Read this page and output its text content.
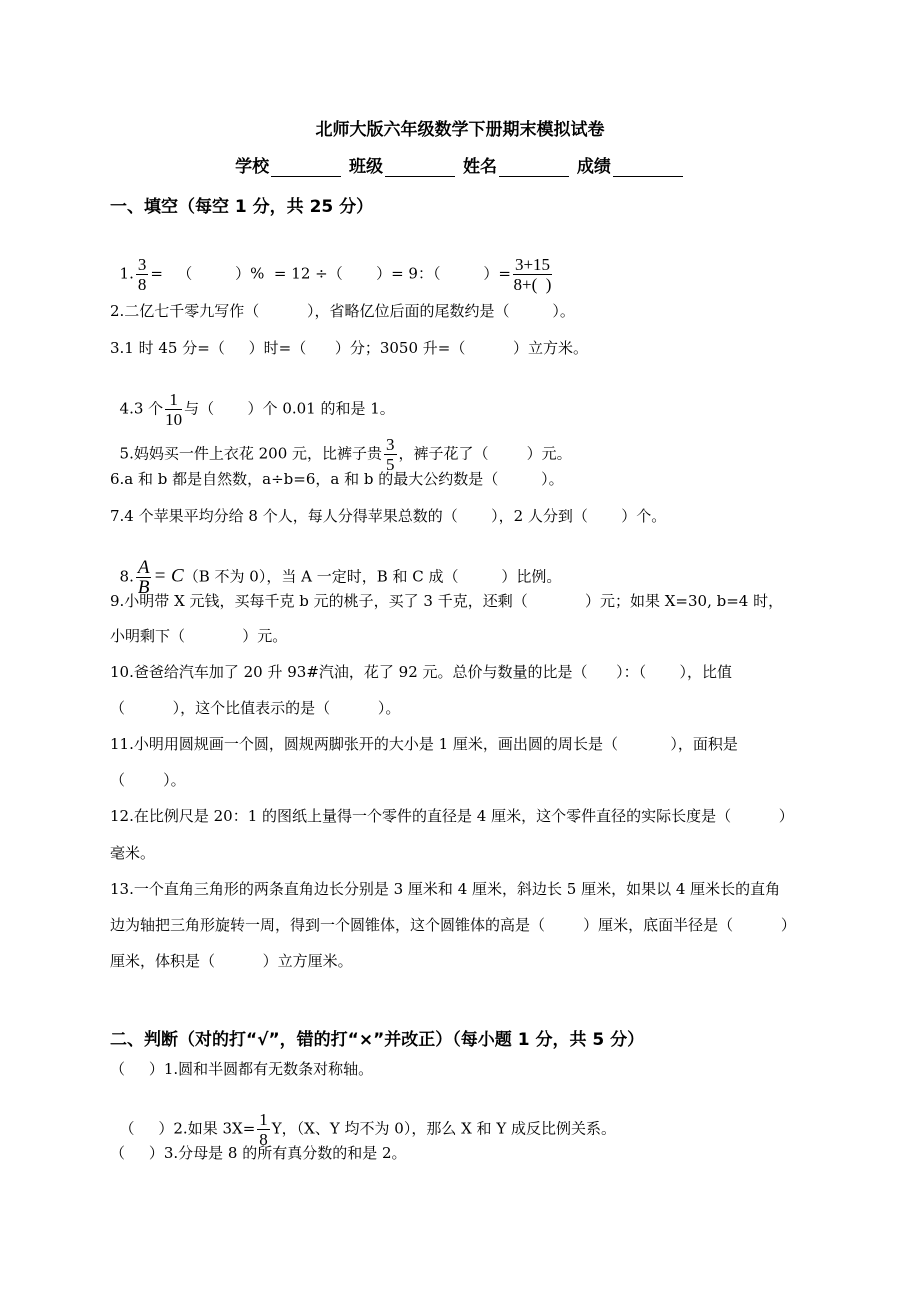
北师大版六年级数学下册期末模拟试卷
学校	班级	姓名	成绩
一、填空（每空 1 分，共 25 分）

1. $\frac{3}{8}$ =   （         ）%  = 12 ÷（       ）= 9：（         ）= $\frac{3+15}{8+( )}$

2.二亿七千零九写作（          ），省略亿位后面的尾数约是（         ）。
3.1 时 45 分=（     ）时=（      ）分；3050 升=（          ）立方米。

4.3 个 $\frac{1}{10}$ 与（       ）个 0.01 的和是 1。

5.妈妈买一件上衣花 200 元，比裤子贵 $\frac{3}{5}$ ，裤子花了（        ）元。

6.a 和 b 都是自然数，a÷b=6，a 和 b 的最大公约数是（         ）。
7.4 个苹果平均分给 8 个人，每人分得苹果总数的（       ），2 人分到（       ）个。

8. $\frac{A}{B} = C(B$ 不为 0），当 A 一定时，B 和 C 成（         ）比例。

9.小明带 X 元钱，买每千克 b 元的桃子，买了 3 千克，还剩（            ）元；如果 X=30, b=4 时，
小明剩下（            ）元。
10.爸爸给汽车加了 20 升 93#汽油，花了 92 元。总价与数量的比是（      ）：（       ），比值
（          ），这个比值表示的是（          ）。
11.小明用圆规画一个圆，圆规两脚张开的大小是 1 厘米，画出圆的周长是（           ），面积是
（        ）。
12.在比例尺是 20：1 的图纸上量得一个零件的直径是 4 厘米，这个零件直径的实际长度是（          ）
毫米。
13.一个直角三角形的两条直角边长分别是 3 厘米和 4 厘米，斜边长 5 厘米，如果以 4 厘米长的直角
边为轴把三角形旋转一周，得到一个圆锥体，这个圆锥体的高是（        ）厘米，底面半径是（          ）
厘米，体积是（          ）立方厘米。
二、判断（对的打“√”，错的打“×”并改正）（每小题 1 分，共 5 分）
（     ）1.圆和半圆都有无数条对称轴。

（     ）2.如果 $3X= \frac{1}{8}$ Y，（X、Y 均不为 0），那么 X 和 Y 成反比例关系。

（     ）3.分母是 8 的所有真分数的和是 2。
